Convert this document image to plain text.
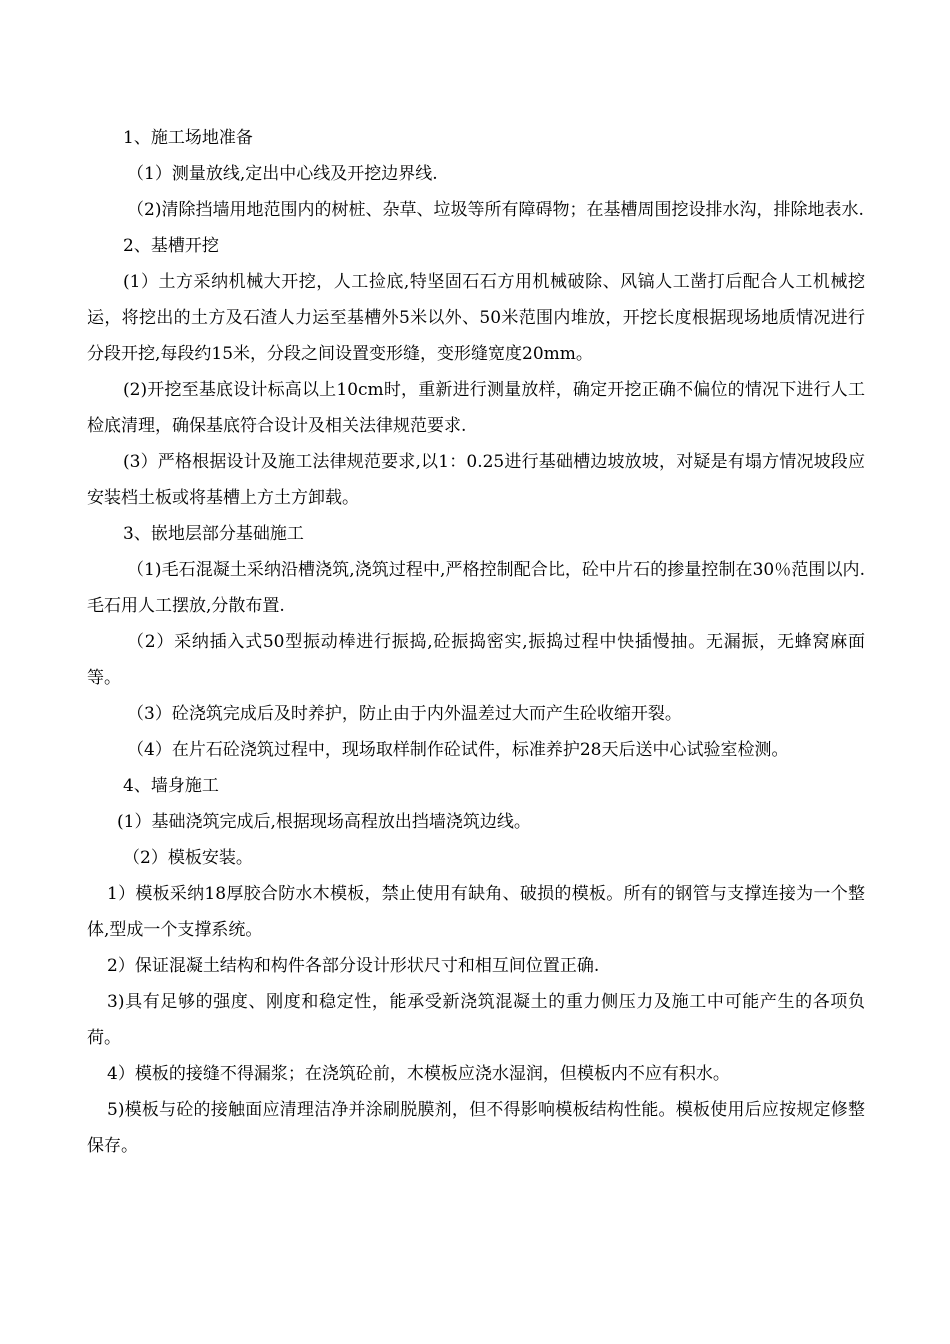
1、施工场地准备

（1）测量放线,定出中心线及开挖边界线.

（2)清除挡墙用地范围内的树桩、杂草、垃圾等所有障碍物；在基槽周围挖设排水沟，排除地表水.

2、基槽开挖

(1）土方采纳机械大开挖，人工捡底,特坚固石石方用机械破除、风镐人工凿打后配合人工机械挖运，将挖出的土方及石渣人力运至基槽外5米以外、50米范围内堆放，开挖长度根据现场地质情况进行分段开挖,每段约15米，分段之间设置变形缝，变形缝宽度20mm。

(2)开挖至基底设计标高以上10cm时，重新进行测量放样，确定开挖正确不偏位的情况下进行人工检底清理，确保基底符合设计及相关法律规范要求.

(3）严格根据设计及施工法律规范要求,以1：0.25进行基础槽边坡放坡，对疑是有塌方情况坡段应安装档土板或将基槽上方土方卸载。

3、嵌地层部分基础施工

（1)毛石混凝土采纳沿槽浇筑,浇筑过程中,严格控制配合比，砼中片石的掺量控制在30％范围以内.毛石用人工摆放,分散布置.

（2）采纳插入式50型振动棒进行振捣,砼振捣密实,振捣过程中快插慢抽。无漏振，无蜂窝麻面等。

（3）砼浇筑完成后及时养护，防止由于内外温差过大而产生砼收缩开裂。

（4）在片石砼浇筑过程中，现场取样制作砼试件，标准养护28天后送中心试验室检测。

4、墙身施工

(1）基础浇筑完成后,根据现场高程放出挡墙浇筑边线。

（2）模板安装。

1）模板采纳18厚胶合防水木模板，禁止使用有缺角、破损的模板。所有的钢管与支撑连接为一个整体,型成一个支撑系统。

2）保证混凝土结构和构件各部分设计形状尺寸和相互间位置正确.

3)具有足够的强度、刚度和稳定性，能承受新浇筑混凝土的重力侧压力及施工中可能产生的各项负荷。

4）模板的接缝不得漏浆；在浇筑砼前，木模板应浇水湿润，但模板内不应有积水。

5)模板与砼的接触面应清理洁净并涂刷脱膜剂，但不得影响模板结构性能。模板使用后应按规定修整保存。
